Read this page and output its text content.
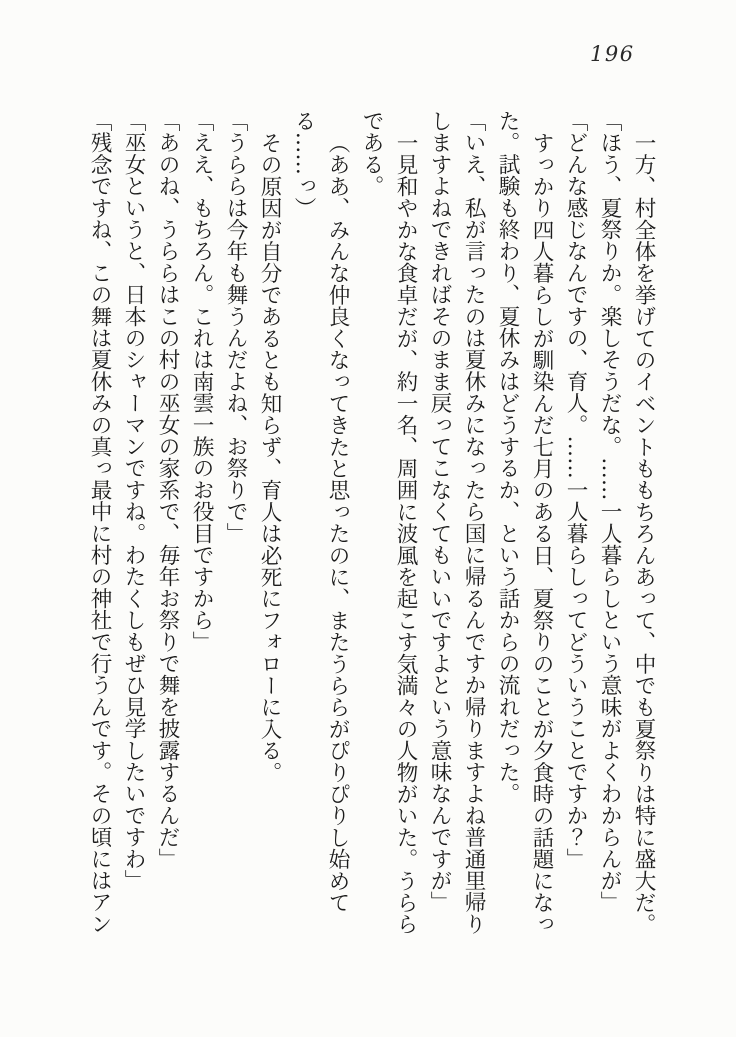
196

一方、村全体を挙げてのイベントももちろんあって、中でも夏祭りは特に盛大だ。

「ほう、夏祭りか。楽しそうだな。……一人暮らしという意味がよくわからんが」

「どんな感じなんですの、育人。……一人暮らしってどういうことですか？」

すっかり四人暮らしが馴染んだ七月のある日、夏祭りのことが夕食時の話題になった。試験も終わり、夏休みはどうするか、という話からの流れだった。

「いえ、私が言ったのは夏休みになったら国に帰るんですか帰りますよね普通里帰りしますよねできればそのまま戻ってこなくてもいいですよという意味なんですが」

一見和やかな食卓だが、約一名、周囲に波風を起こす気満々の人物がいた。うららである。

（ああ、みんな仲良くなってきたと思ったのに、またうららがぴりぴりし始めてる……っ）

その原因が自分であるとも知らず、育人は必死にフォローに入る。

「うららは今年も舞うんだよね、お祭りで」

「ええ、もちろん。これは南雲一族のお役目ですから」

「あのね、うららはこの村の巫女の家系で、毎年お祭りで舞を披露するんだ」

「巫女というと、日本のシャーマンですね。わたくしもぜひ見学したいですわ」

「残念ですね、この舞は夏休みの真っ最中に村の神社で行うんです。その頃にはアン
